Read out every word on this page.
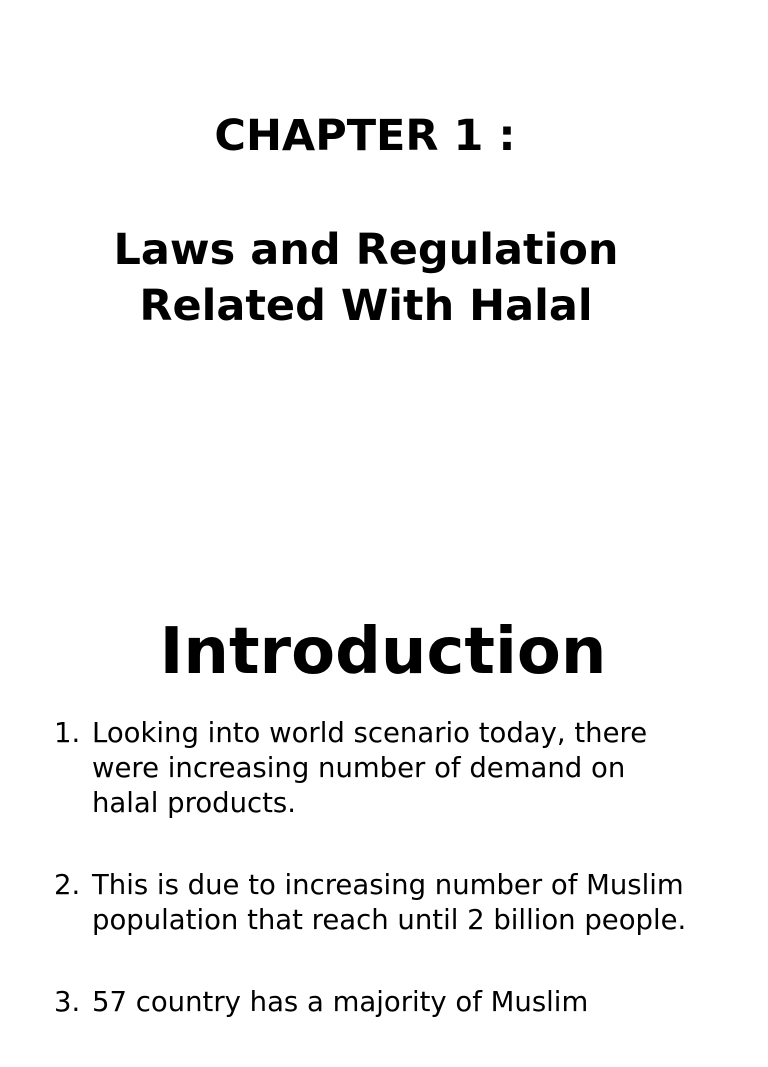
CHAPTER 1 :
Laws and Regulation
Related With Halal
Introduction
1. Looking into world scenario today, there
were increasing number of demand on
halal products.
2. This is due to increasing number of Muslim
population that reach until 2 billion people.
3. 57 country has a majority of Muslim
